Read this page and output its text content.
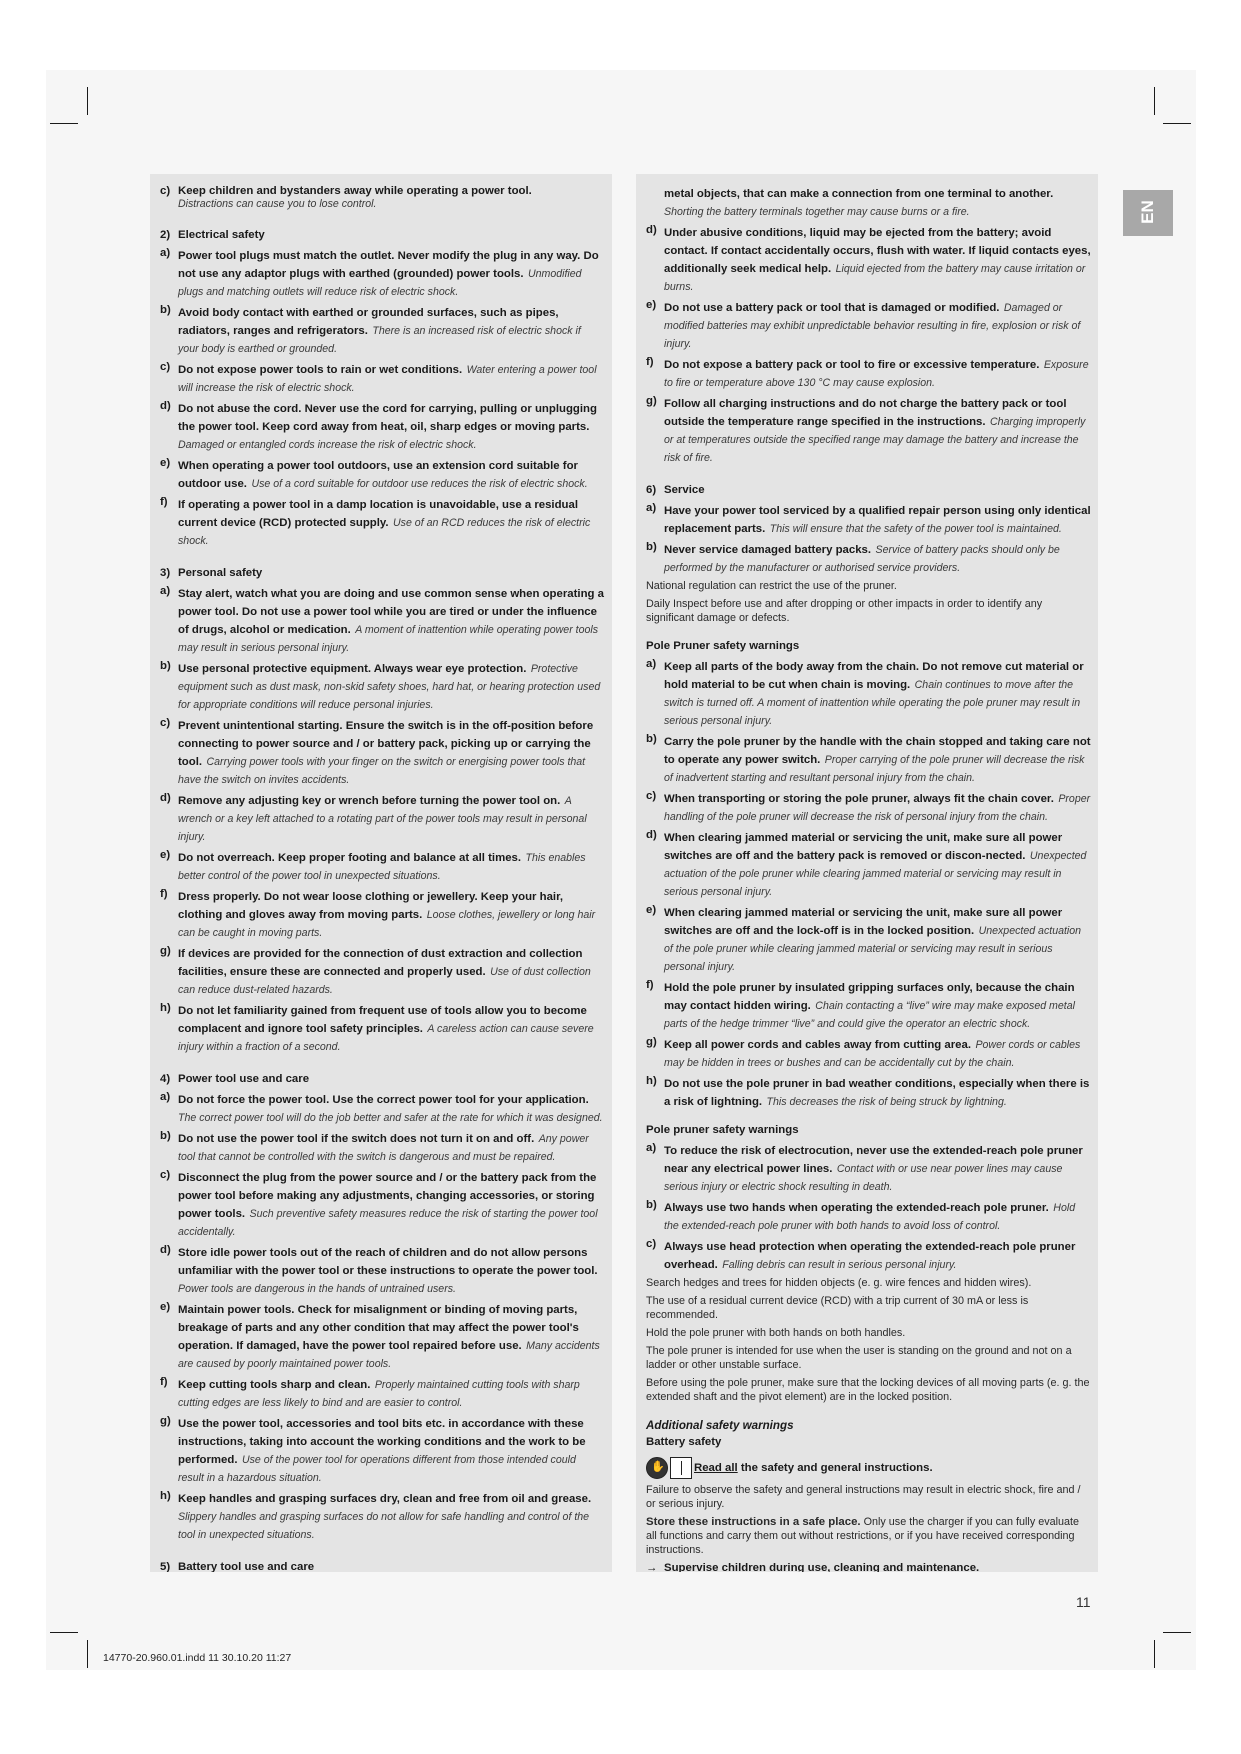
EN
c) Keep children and bystanders away while operating a power tool.
Distractions can cause you to lose control.
2) Electrical safety
a) Power tool plugs must match the outlet. Never modify the plug in any way. Do not use any adaptor plugs with earthed (grounded) power tools. Unmodified plugs and matching outlets will reduce risk of electric shock.
b) Avoid body contact with earthed or grounded surfaces, such as pipes, radiators, ranges and refrigerators. There is an increased risk of electric shock if your body is earthed or grounded.
c) Do not expose power tools to rain or wet conditions. Water entering a power tool will increase the risk of electric shock.
d) Do not abuse the cord. Never use the cord for carrying, pulling or unplugging the power tool. Keep cord away from heat, oil, sharp edges or moving parts. Damaged or entangled cords increase the risk of electric shock.
e) When operating a power tool outdoors, use an extension cord suitable for outdoor use. Use of a cord suitable for outdoor use reduces the risk of electric shock.
f) If operating a power tool in a damp location is unavoidable, use a residual current device (RCD) protected supply. Use of an RCD reduces the risk of electric shock.
3) Personal safety
a) Stay alert, watch what you are doing and use common sense when operating a power tool. Do not use a power tool while you are tired or under the influence of drugs, alcohol or medication. A moment of inattention while operating power tools may result in serious personal injury.
b) Use personal protective equipment. Always wear eye protection. Protective equipment such as dust mask, non-skid safety shoes, hard hat, or hearing protection used for appropriate conditions will reduce personal injuries.
c) Prevent unintentional starting. Ensure the switch is in the off-position before connecting to power source and / or battery pack, picking up or carrying the tool. Carrying power tools with your finger on the switch or energising power tools that have the switch on invites accidents.
d) Remove any adjusting key or wrench before turning the power tool on. A wrench or a key left attached to a rotating part of the power tools may result in personal injury.
e) Do not overreach. Keep proper footing and balance at all times. This enables better control of the power tool in unexpected situations.
f) Dress properly. Do not wear loose clothing or jewellery. Keep your hair, clothing and gloves away from moving parts. Loose clothes, jewellery or long hair can be caught in moving parts.
g) If devices are provided for the connection of dust extraction and collection facilities, ensure these are connected and properly used. Use of dust collection can reduce dust-related hazards.
h) Do not let familiarity gained from frequent use of tools allow you to become complacent and ignore tool safety principles. A careless action can cause severe injury within a fraction of a second.
4) Power tool use and care
a) Do not force the power tool. Use the correct power tool for your application. The correct power tool will do the job better and safer at the rate for which it was designed.
b) Do not use the power tool if the switch does not turn it on and off. Any power tool that cannot be controlled with the switch is dangerous and must be repaired.
c) Disconnect the plug from the power source and / or the battery pack from the power tool before making any adjustments, changing accessories, or storing power tools. Such preventive safety measures reduce the risk of starting the power tool accidentally.
d) Store idle power tools out of the reach of children and do not allow persons unfamiliar with the power tool or these instructions to operate the power tool. Power tools are dangerous in the hands of untrained users.
e) Maintain power tools. Check for misalignment or binding of moving parts, breakage of parts and any other condition that may affect the power tool's operation. If damaged, have the power tool repaired before use. Many accidents are caused by poorly maintained power tools.
f) Keep cutting tools sharp and clean. Properly maintained cutting tools with sharp cutting edges are less likely to bind and are easier to control.
g) Use the power tool, accessories and tool bits etc. in accordance with these instructions, taking into account the working conditions and the work to be performed. Use of the power tool for operations different from those intended could result in a hazardous situation.
h) Keep handles and grasping surfaces dry, clean and free from oil and grease. Slippery handles and grasping surfaces do not allow for safe handling and control of the tool in unexpected situations.
5) Battery tool use and care
metal objects, that can make a connection from one terminal to another. Shorting the battery terminals together may cause burns or a fire.
d) Under abusive conditions, liquid may be ejected from the battery; avoid contact. If contact accidentally occurs, flush with water. If liquid contacts eyes, additionally seek medical help. Liquid ejected from the battery may cause irritation or burns.
e) Do not use a battery pack or tool that is damaged or modified. Damaged or modified batteries may exhibit unpredictable behavior resulting in fire, explosion or risk of injury.
f) Do not expose a battery pack or tool to fire or excessive temperature. Exposure to fire or temperature above 130 °C may cause explosion.
g) Follow all charging instructions and do not charge the battery pack or tool outside the temperature range specified in the instructions. Charging improperly or at temperatures outside the specified range may damage the battery and increase the risk of fire.
6) Service
a) Have your power tool serviced by a qualified repair person using only identical replacement parts. This will ensure that the safety of the power tool is maintained.
b) Never service damaged battery packs. Service of battery packs should only be performed by the manufacturer or authorised service providers.
National regulation can restrict the use of the pruner.
Daily Inspect before use and after dropping or other impacts in order to identify any significant damage or defects.
Pole Pruner safety warnings
a) Keep all parts of the body away from the chain. Do not remove cut material or hold material to be cut when chain is moving. Chain continues to move after the switch is turned off. A moment of inattention while operating the pole pruner may result in serious personal injury.
b) Carry the pole pruner by the handle with the chain stopped and taking care not to operate any power switch. Proper carrying of the pole pruner will decrease the risk of inadvertent starting and resultant personal injury from the chain.
c) When transporting or storing the pole pruner, always fit the chain cover. Proper handling of the pole pruner will decrease the risk of personal injury from the chain.
d) When clearing jammed material or servicing the unit, make sure all power switches are off and the battery pack is removed or discon-nected. Unexpected actuation of the pole pruner while clearing jammed material or servicing may result in serious personal injury.
e) When clearing jammed material or servicing the unit, make sure all power switches are off and the lock-off is in the locked position. Unexpected actuation of the pole pruner while clearing jammed material or servicing may result in serious personal injury.
f) Hold the pole pruner by insulated gripping surfaces only, because the chain may contact hidden wiring. Chain contacting a “live” wire may make exposed metal parts of the hedge trimmer “live” and could give the operator an electric shock.
g) Keep all power cords and cables away from cutting area. Power cords or cables may be hidden in trees or bushes and can be accidentally cut by the chain.
h) Do not use the pole pruner in bad weather conditions, especially when there is a risk of lightning. This decreases the risk of being struck by lightning.
Pole pruner safety warnings
a) To reduce the risk of electrocution, never use the extended-reach pole pruner near any electrical power lines. Contact with or use near power lines may cause serious injury or electric shock resulting in death.
b) Always use two hands when operating the extended-reach pole pruner. Hold the extended-reach pole pruner with both hands to avoid loss of control.
c) Always use head protection when operating the extended-reach pole pruner overhead. Falling debris can result in serious personal injury.
Search hedges and trees for hidden objects (e. g. wire fences and hidden wires).
The use of a residual current device (RCD) with a trip current of 30 mA or less is recommended.
Hold the pole pruner with both hands on both handles.
The pole pruner is intended for use when the user is standing on the ground and not on a ladder or other unstable surface.
Before using the pole pruner, make sure that the locking devices of all moving parts (e. g. the extended shaft and the pivot element) are in the locked position.
Additional safety warnings
Battery safety
✋
Read all the safety and general instructions.
Failure to observe the safety and general instructions may result in electric shock, fire and / or serious injury.
Store these instructions in a safe place. Only use the charger if you can fully evaluate all functions and carry them out without restrictions, or if you have received corresponding instructions.
→ Supervise children during use, cleaning and maintenance.
11
14770-20.960.01.indd 11 30.10.20 11:27
